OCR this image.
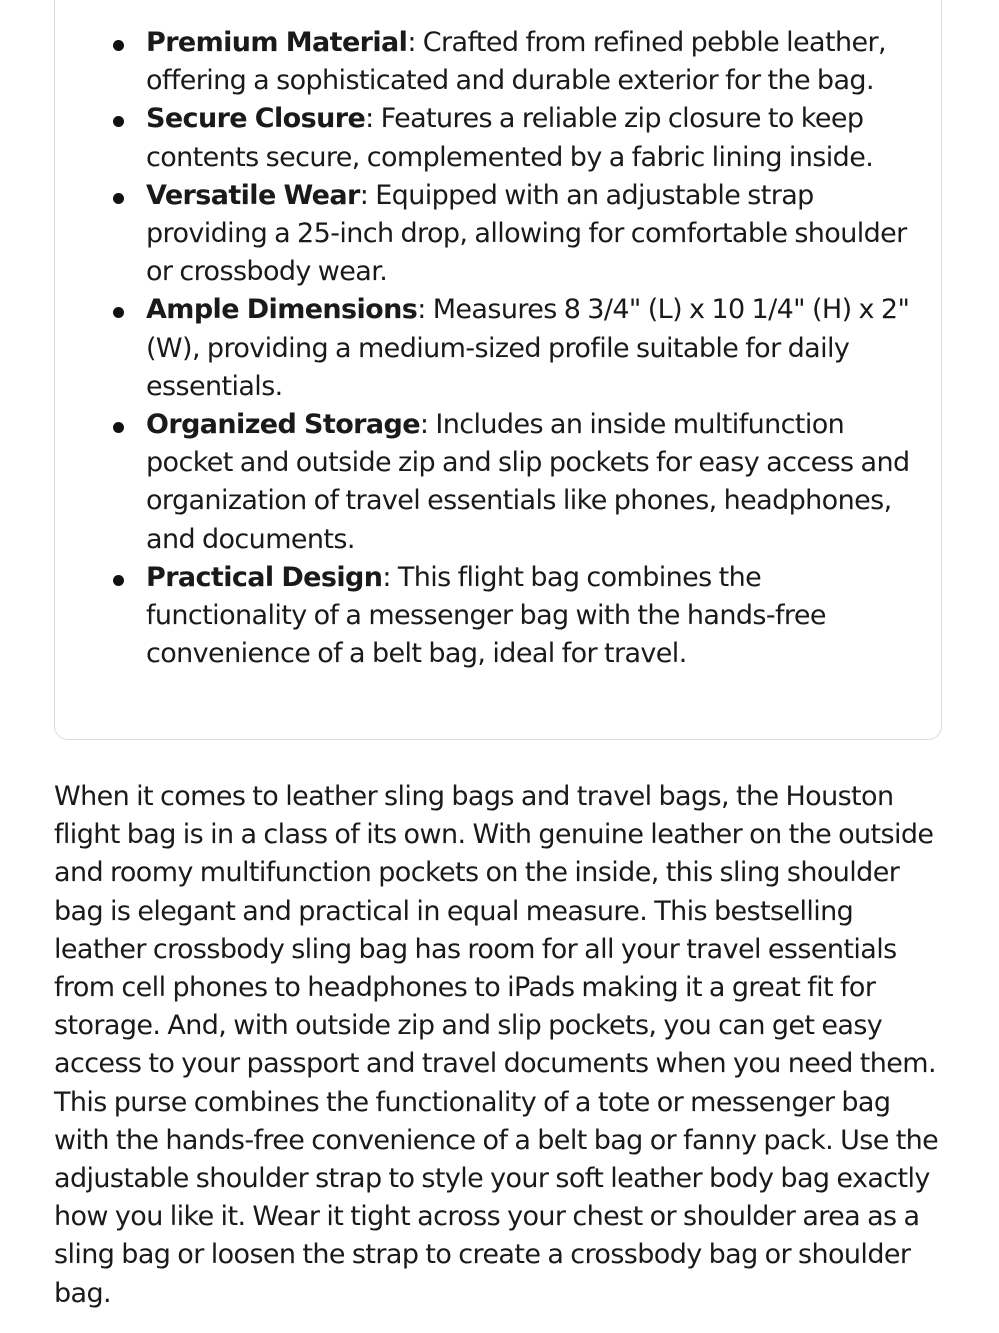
Premium Material: Crafted from refined pebble leather, offering a sophisticated and durable exterior for the bag.
Secure Closure: Features a reliable zip closure to keep contents secure, complemented by a fabric lining inside.
Versatile Wear: Equipped with an adjustable strap providing a 25-inch drop, allowing for comfortable shoulder or crossbody wear.
Ample Dimensions: Measures 8 3/4" (L) x 10 1/4" (H) x 2" (W), providing a medium-sized profile suitable for daily essentials.
Organized Storage: Includes an inside multifunction pocket and outside zip and slip pockets for easy access and organization of travel essentials like phones, headphones, and documents.
Practical Design: This flight bag combines the functionality of a messenger bag with the hands-free convenience of a belt bag, ideal for travel.

When it comes to leather sling bags and travel bags, the Houston flight bag is in a class of its own. With genuine leather on the outside and roomy multifunction pockets on the inside, this sling shoulder bag is elegant and practical in equal measure. This bestselling leather crossbody sling bag has room for all your travel essentials from cell phones to headphones to iPads making it a great fit for storage. And, with outside zip and slip pockets, you can get easy access to your passport and travel documents when you need them. This purse combines the functionality of a tote or messenger bag with the hands-free convenience of a belt bag or fanny pack. Use the adjustable shoulder strap to style your soft leather body bag exactly how you like it. Wear it tight across your chest or shoulder area as a sling bag or loosen the strap to create a crossbody bag or shoulder bag.
